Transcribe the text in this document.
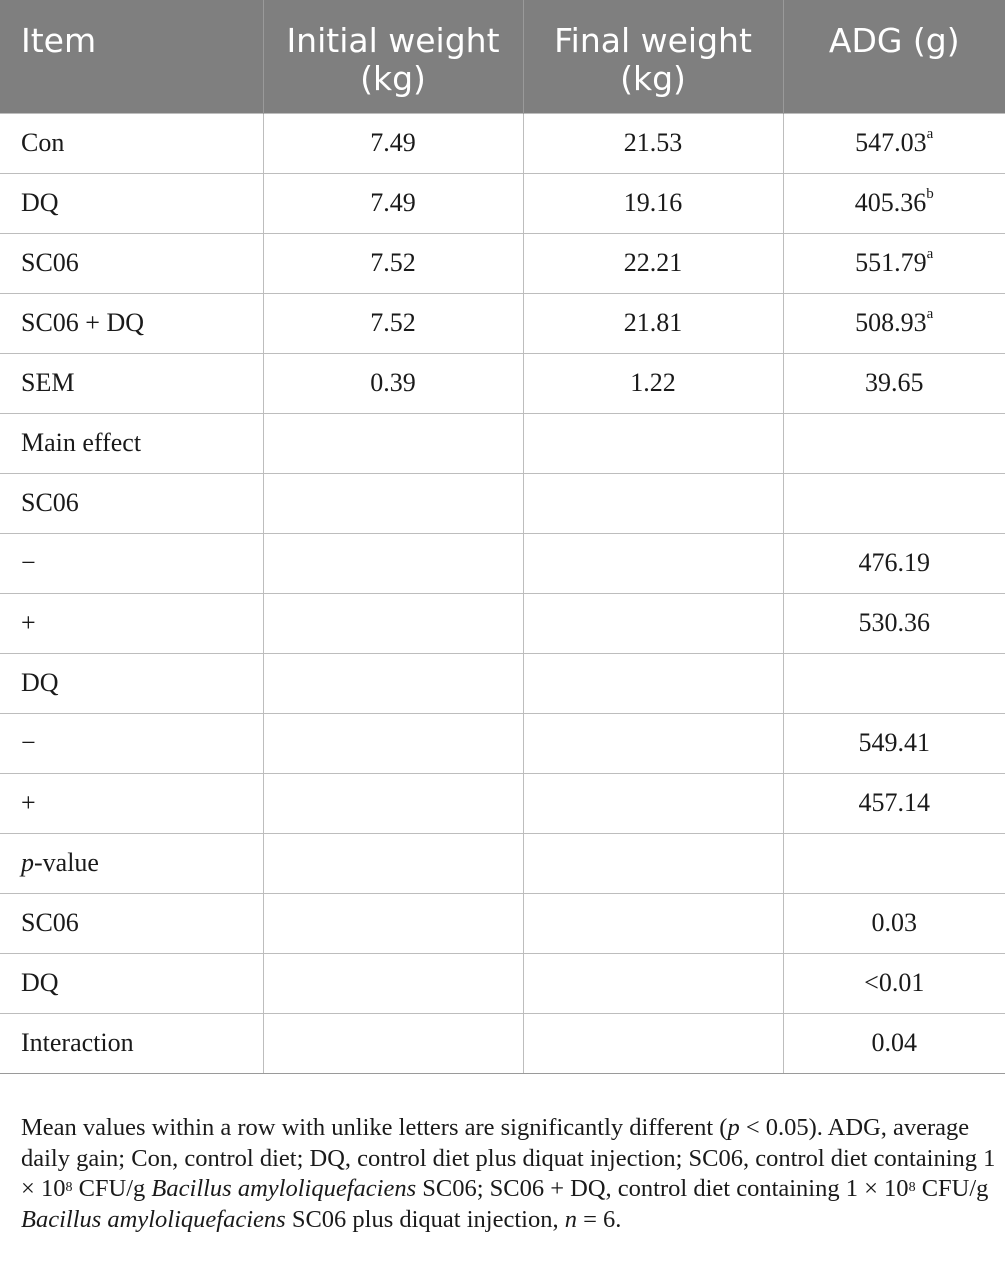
Item	Initial weight (kg)	Final weight (kg)	ADG (g)
Con	7.49	21.53	547.03$^a$
DQ	7.49	19.16	405.36$^b$
SC06	7.52	22.21	551.79$^a$
SC06 + DQ	7.52	21.81	508.93$^a$
SEM	0.39	1.22	39.65
Main effect			
SC06			
−			476.19
+			530.36
DQ			
−			549.41
+			457.14
p-value			
SC06			0.03
DQ			<0.01
Interaction			0.04
Mean values within a row with unlike letters are significantly different (p < 0.05). ADG, average daily gain; Con, control diet; DQ, control diet plus diquat injection; SC06, control diet containing $1 \times 10^8$ CFU/g Bacillus amyloliquefaciens SC06; SC06 + DQ, control diet containing $1 \times 10^8$ CFU/g Bacillus amyloliquefaciens SC06 plus diquat injection, n = 6.
